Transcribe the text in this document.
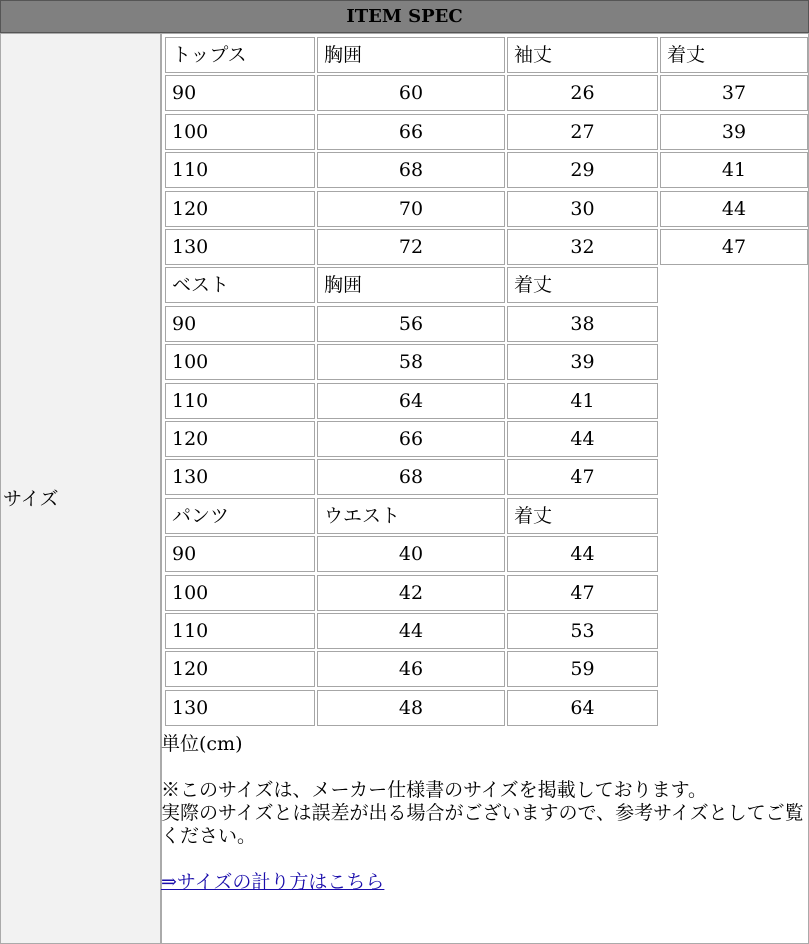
ITEM SPEC
サイズ
トップス	胸囲	袖丈	着丈
90	60	26	37
100	66	27	39
110	68	29	41
120	70	30	44
130	72	32	47
ベスト	胸囲	着丈
90	56	38
100	58	39
110	64	41
120	66	44
130	68	47
パンツ	ウエスト	着丈
90	40	44
100	42	47
110	44	53
120	46	59
130	48	64
単位(cm)

※このサイズは、メーカー仕様書のサイズを掲載しております。

実際のサイズとは誤差が出る場合がございますので、参考サイズとしてご覧ください。

⇒サイズの計り方はこちら
